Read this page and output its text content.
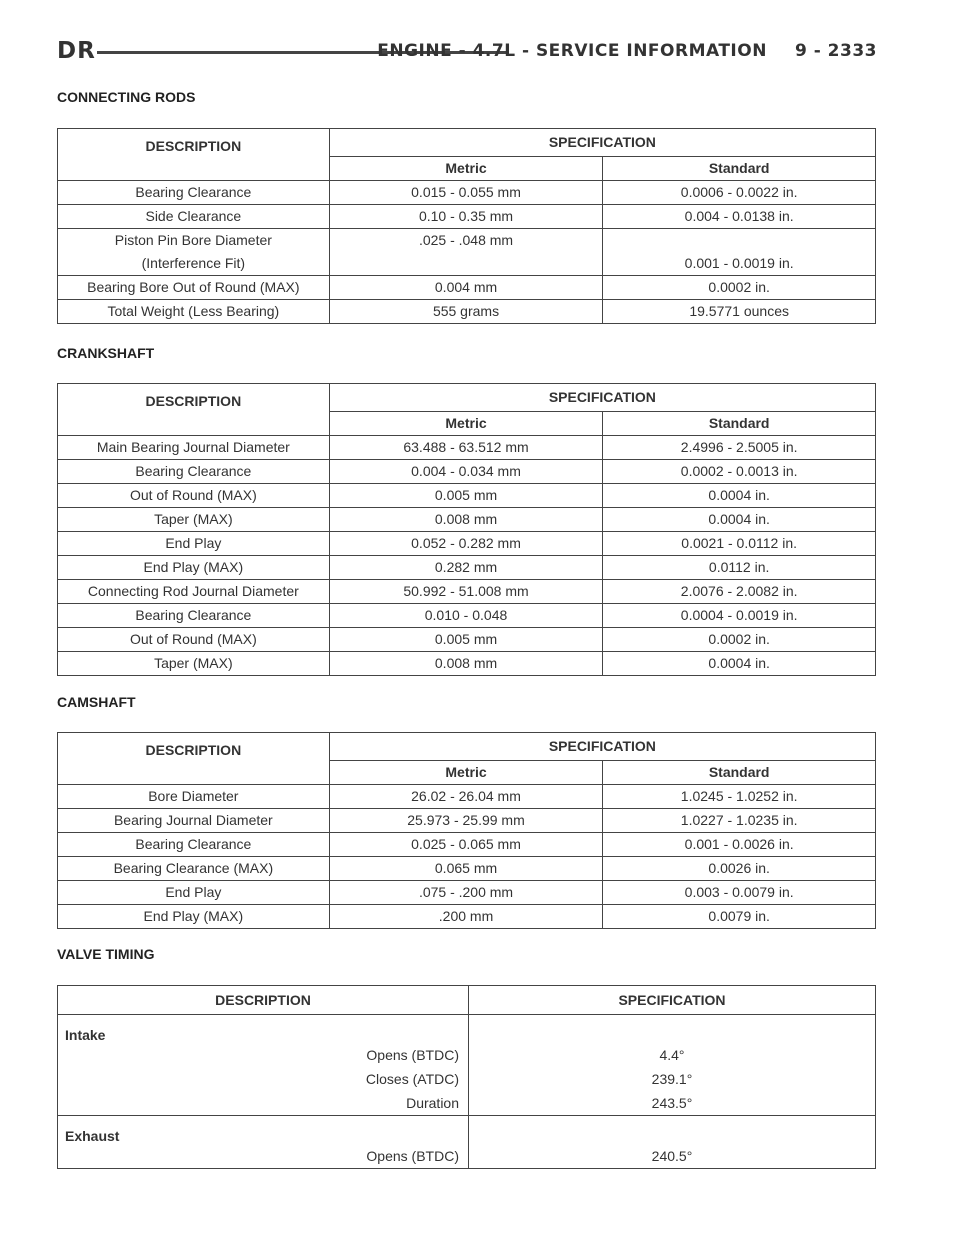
DR	ENGINE - 4.7L - SERVICE INFORMATION 9 - 2333
CONNECTING RODS
DESCRIPTION	SPECIFICATION	
	Metric	Standard
Bearing Clearance	0.015 - 0.055 mm	0.0006 - 0.0022 in.
Side Clearance	0.10 - 0.35 mm	0.004 - 0.0138 in.
Piston Pin Bore Diameter	.025 - .048 mm	
(Interference Fit)		0.001 - 0.0019 in.
Bearing Bore Out of Round (MAX)	0.004 mm	0.0002 in.
Total Weight (Less Bearing)	555 grams	19.5771 ounces
CRANKSHAFT
DESCRIPTION	SPECIFICATION	
	Metric	Standard
Main Bearing Journal Diameter	63.488 - 63.512 mm	2.4996 - 2.5005 in.
Bearing Clearance	0.004 - 0.034 mm	0.0002 - 0.0013 in.
Out of Round (MAX)	0.005 mm	0.0004 in.
Taper (MAX)	0.008 mm	0.0004 in.
End Play	0.052 - 0.282 mm	0.0021 - 0.0112 in.
End Play (MAX)	0.282 mm	0.0112 in.
Connecting Rod Journal Diameter	50.992 - 51.008 mm	2.0076 - 2.0082 in.
Bearing Clearance	0.010 - 0.048	0.0004 - 0.0019 in.
Out of Round (MAX)	0.005 mm	0.0002 in.
Taper (MAX)	0.008 mm	0.0004 in.
CAMSHAFT
DESCRIPTION	SPECIFICATION	
	Metric	Standard
Bore Diameter	26.02 - 26.04 mm	1.0245 - 1.0252 in.
Bearing Journal Diameter	25.973 - 25.99 mm	1.0227 - 1.0235 in.
Bearing Clearance	0.025 - 0.065 mm	0.001 - 0.0026 in.
Bearing Clearance (MAX)	0.065 mm	0.0026 in.
End Play	.075 - .200 mm	0.003 - 0.0079 in.
End Play (MAX)	.200 mm	0.0079 in.
VALVE TIMING
DESCRIPTION	SPECIFICATION
Intake	
Opens (BTDC)	4.4°
Closes (ATDC)	239.1°
Duration	243.5°
Exhaust	
Opens (BTDC)	240.5°
